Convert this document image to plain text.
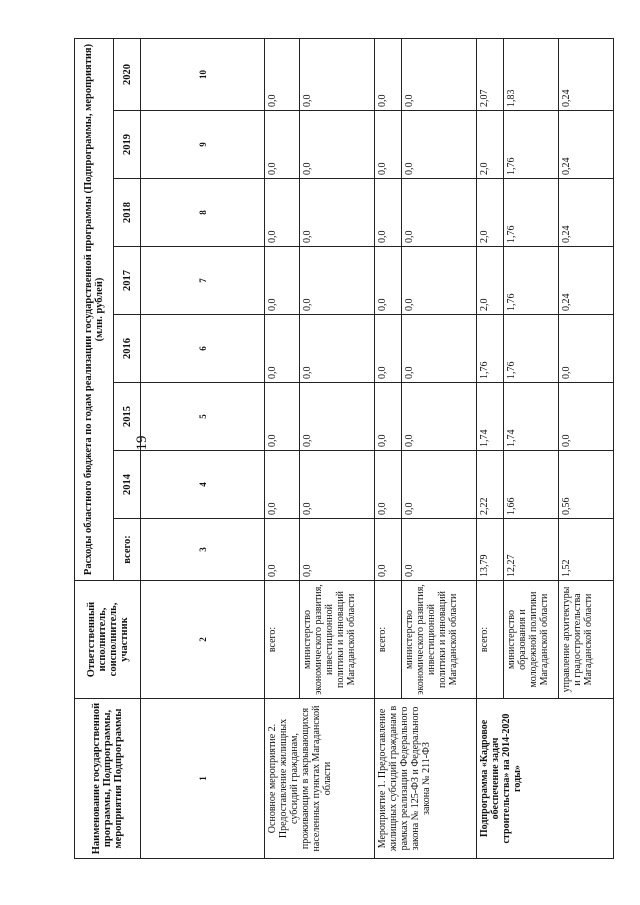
19
Наименование государственной программы, Подпрограммы, мероприятия Подпрограммы	Ответственный исполнитель, соисполнитель, участник	Расходы областного бюджета по годам реализации государственной программы (Подпрограммы, мероприятия) (млн. рублей)							
		всего:	2014	2015	2016	2017	2018	2019	2020
1	2	3	4	5	6	7	8	9	10
Основное мероприятие 2. Предоставление жилищных субсидий гражданам, проживающим в закрывающихся населенных пунктах Магаданской области	всего:	0,0	0,0	0,0	0,0	0,0	0,0	0,0	0,0
	министерство экономического развития, инвестиционной политики и инноваций Магаданской области	0,0	0,0	0,0	0,0	0,0	0,0	0,0	0,0
Мероприятие 1. Предоставление жилищных субсидий гражданам в рамках реализации Федерального закона № 125-ФЗ и Федерального закона № 211-ФЗ	всего:	0,0	0,0	0,0	0,0	0,0	0,0	0,0	0,0
	министерство экономического развития, инвестиционной политики и инноваций Магаданской области	0,0	0,0	0,0	0,0	0,0	0,0	0,0	0,0
Подпрограмма «Кадровое обеспечение задач строительства» на 2014-2020 годы»	всего:	13,79	2,22	1,74	1,76	2,0	2,0	2,0	2,07
	министерство образования и молодежной политики Магаданской области	12,27	1,66	1,74	1,76	1,76	1,76	1,76	1,83
	управление архитектуры и градостроительства Магаданской области	1,52	0,56	0,0	0,0	0,24	0,24	0,24	0,24
